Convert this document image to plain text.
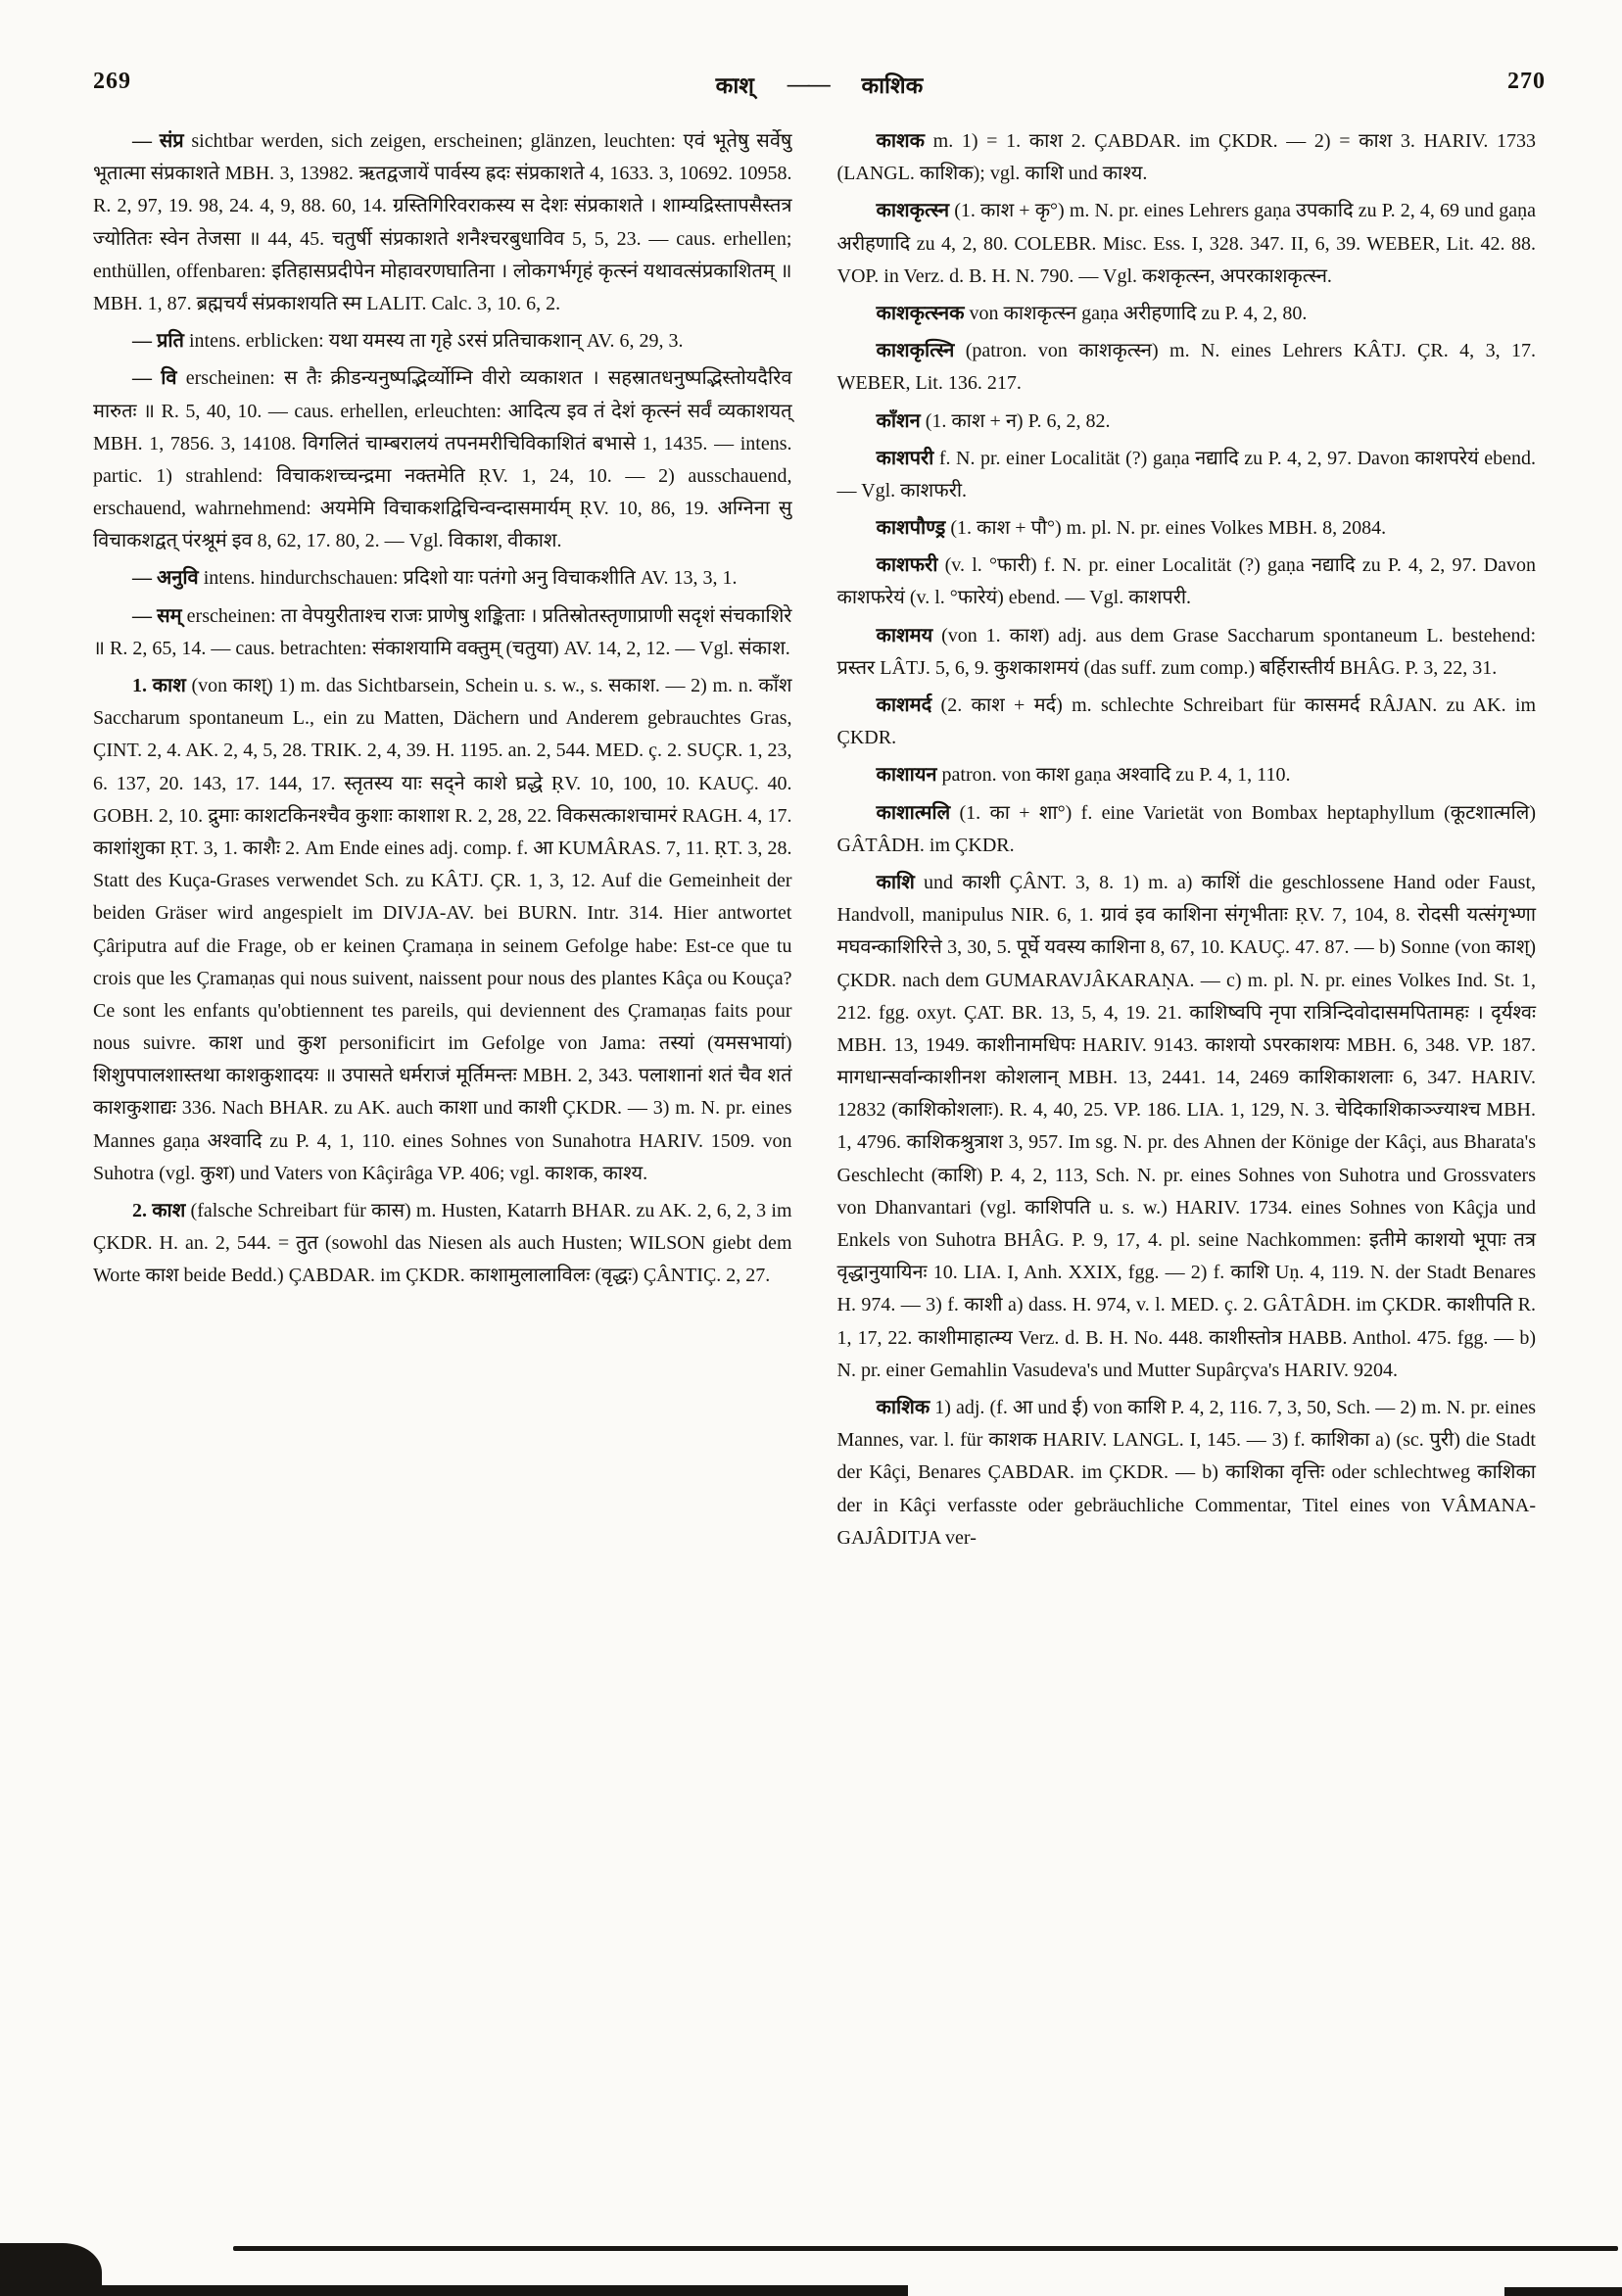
269	काश् —— काशिक	270

— संप्र sichtbar werden, sich zeigen, erscheinen; glänzen, leuchten: एवं भूतेषु सर्वेषु भूतात्मा संप्रकाशते MBH. 3, 13982. ऋतद्वजायें पार्वस्य ह्रदः संप्रकाशते 4, 1633. 3, 10692. 10958. R. 2, 97, 19. 98, 24. 4, 9, 88. 60, 14. ग्रस्तिगिरिवराकस्य स देशः संप्रकाशते । शाम्यद्रिस्तापसैस्तत्र ज्योतितः स्वेन तेजसा ॥ 44, 45. चतुर्षी संप्रकाशते शनैश्चरबुधाविव 5, 5, 23. — caus. erhellen; enthüllen, offenbaren: इतिहासप्रदीपेन मोहावरणघातिना । लोकगर्भगृहं कृत्स्नं यथावत्संप्रकाशितम् ॥ MBH. 1, 87. ब्रह्मचर्यं संप्रकाशयति स्म LALIT. Calc. 3, 10. 6, 2.

— प्रति intens. erblicken: यथा यमस्य ता गृहे ऽरसं प्रतिचाकशान् AV. 6, 29, 3.

— वि erscheinen: स तैः क्रीडन्यनुष्पद्भिर्व्योम्नि वीरो व्यकाशत । सहस्रातधनुष्पद्भिस्तोयदैरिव मारुतः ॥ R. 5, 40, 10. — caus. erhellen, erleuchten: आदित्य इव तं देशं कृत्स्नं सर्वं व्यकाशयत् MBH. 1, 7856. 3, 14108. विगलितं चाम्बरालयं तपनमरीचिविकाशितं बभासे 1, 1435. — intens. partic. 1) strahlend: विचाकशच्चन्द्रमा नक्तमेति ṚV. 1, 24, 10. — 2) ausschauend, erschauend, wahrnehmend: अयमेमि विचाकशद्विचिन्वन्दासमार्यम् ṚV. 10, 86, 19. अग्निना सु विचाकशद्वत् पंरश्रूमं इव 8, 62, 17. 80, 2. — Vgl. विकाश, वीकाश.

— अनुवि intens. hindurchschauen: प्रदिशो याः पतंगो अनु विचाकशीति AV. 13, 3, 1.

— सम् erscheinen: ता वेपयुरीताश्च राजः प्राणेषु शङ्किताः । प्रतिस्रोतस्तृणाप्राणी सदृशं संचकाशिरे ॥ R. 2, 65, 14. — caus. betrachten: संकाशयामि वक्तुम् (चतुया) AV. 14, 2, 12. — Vgl. संकाश.

1. काश (von काश्) 1) m. das Sichtbarsein, Schein u. s. w., s. सकाश. — 2) m. n. काँश Saccharum spontaneum L., ein zu Matten, Dächern und Anderem gebrauchtes Gras, ÇINT. 2, 4. AK. 2, 4, 5, 28. TRIK. 2, 4, 39. H. 1195. an. 2, 544. MED. ç. 2. SUÇR. 1, 23, 6. 137, 20. 143, 17. 144, 17. स्तृतस्य याः सद्ने काशे घ्रद्धे ṚV. 10, 100, 10. KAUÇ. 40. GOBH. 2, 10. द्रुमाः काशटकिनश्चैव कुशाः काशाश R. 2, 28, 22. विकसत्काशचामरं RAGH. 4, 17. काशांशुका ṚT. 3, 1. काशैः 2. Am Ende eines adj. comp. f. आ KUMÂRAS. 7, 11. ṚT. 3, 28. Statt des Kuça-Grases verwendet Sch. zu KÂTJ. ÇR. 1, 3, 12. Auf die Gemeinheit der beiden Gräser wird angespielt im DIVJA-AV. bei BURN. Intr. 314. Hier antwortet Çâriputra auf die Frage, ob er keinen Çramaṇa in seinem Gefolge habe: Est-ce que tu crois que les Çramaṇas qui nous suivent, naissent pour nous des plantes Kâça ou Kouça? Ce sont les enfants qu'obtiennent tes pareils, qui deviennent des Çramaṇas faits pour nous suivre. काश und कुश personificirt im Gefolge von Jama: तस्यां (यमसभायां) शिशुपपालशास्तथा काशकुशादयः ॥ उपासते धर्मराजं मूर्तिमन्तः MBH. 2, 343. पलाशानां शतं चैव शतं काशकुशाद्यः 336. Nach BHAR. zu AK. auch काशा und काशी ÇKDR. — 3) m. N. pr. eines Mannes gaṇa अश्वादि zu P. 4, 1, 110. eines Sohnes von Sunahotra HARIV. 1509. von Suhotra (vgl. कुश) und Vaters von Kâçirâga VP. 406; vgl. काशक, काश्य.

2. काश (falsche Schreibart für कास) m. Husten, Katarrh BHAR. zu AK. 2, 6, 2, 3 im ÇKDR. H. an. 2, 544. = तुत (sowohl das Niesen als auch Husten; WILSON giebt dem Worte काश beide Bedd.) ÇABDAR. im ÇKDR. काशामुलालाविलः (वृद्धः) ÇÂNTIÇ. 2, 27.

काशक m. 1) = 1. काश 2. ÇABDAR. im ÇKDR. — 2) = काश 3. HARIV. 1733 (LANGL. काशिक); vgl. काशि und काश्य.

काशकृत्स्न (1. काश + कृ°) m. N. pr. eines Lehrers gaṇa उपकादि zu P. 2, 4, 69 und gaṇa अरीहणादि zu 4, 2, 80. COLEBR. Misc. Ess. I, 328. 347. II, 6, 39. WEBER, Lit. 42. 88. VOP. in Verz. d. B. H. N. 790. — Vgl. कशकृत्स्न, अपरकाशकृत्स्न.

काशकृत्स्नक von काशकृत्स्न gaṇa अरीहणादि zu P. 4, 2, 80.

काशकृत्स्नि (patron. von काशकृत्स्न) m. N. eines Lehrers KÂTJ. ÇR. 4, 3, 17. WEBER, Lit. 136. 217.

काँशन (1. काश + न) P. 6, 2, 82.

काशपरी f. N. pr. einer Localität (?) gaṇa नद्यादि zu P. 4, 2, 97. Davon काशपरेयं ebend. — Vgl. काशफरी.

काशपौण्ड्र (1. काश + पौ°) m. pl. N. pr. eines Volkes MBH. 8, 2084.

काशफरी (v. l. °फारी) f. N. pr. einer Localität (?) gaṇa नद्यादि zu P. 4, 2, 97. Davon काशफरेयं (v. l. °फारेयं) ebend. — Vgl. काशपरी.

काशमय (von 1. काश) adj. aus dem Grase Saccharum spontaneum L. bestehend: प्रस्तर LÂTJ. 5, 6, 9. कुशकाशमयं (das suff. zum comp.) बर्हिरास्तीर्य BHÂG. P. 3, 22, 31.

काशमर्द (2. काश + मर्द) m. schlechte Schreibart für कासमर्द RÂJAN. zu AK. im ÇKDR.

काशायन patron. von काश gaṇa अश्वादि zu P. 4, 1, 110.

काशात्मलि (1. का + शा°) f. eine Varietät von Bombax heptaphyllum (कूटशात्मलि) GÂTÂDH. im ÇKDR.

काशि und काशी ÇÂNT. 3, 8. 1) m. a) काशिं die geschlossene Hand oder Faust, Handvoll, manipulus NIR. 6, 1. ग्रावं इव काशिना संगृभीताः ṚV. 7, 104, 8. रोदसी यत्संगृभ्णा मघवन्काशिरित्ते 3, 30, 5. पूर्घे यवस्य काशिना 8, 67, 10. KAUÇ. 47. 87. — b) Sonne (von काश्) ÇKDR. nach dem GUMARAVJÂKARAṆA. — c) m. pl. N. pr. eines Volkes Ind. St. 1, 212. fgg. oxyt. ÇAT. BR. 13, 5, 4, 19. 21. काशिष्वपि नृपा रात्रिन्दिवोदासमपितामहः । दृर्यश्वः MBH. 13, 1949. काशीनामधिपः HARIV. 9143. काशयो ऽपरकाशयः MBH. 6, 348. VP. 187. मागधान्सर्वान्काशीनश कोशलान् MBH. 13, 2441. 14, 2469 काशिकाशलाः 6, 347. HARIV. 12832 (काशिकोशलाः). R. 4, 40, 25. VP. 186. LIA. 1, 129, N. 3. चेदिकाशिकाञ्ज्याश्च MBH. 1, 4796. काशिकश्रुत्राश 3, 957. Im sg. N. pr. des Ahnen der Könige der Kâçi, aus Bharata's Geschlecht (काशि) P. 4, 2, 113, Sch. N. pr. eines Sohnes von Suhotra und Grossvaters von Dhanvantari (vgl. काशिपति u. s. w.) HARIV. 1734. eines Sohnes von Kâçja und Enkels von Suhotra BHÂG. P. 9, 17, 4. pl. seine Nachkommen: इतीमे काशयो भूपाः तत्र वृद्धानुयायिनः 10. LIA. I, Anh. XXIX, fgg. — 2) f. काशि Uṇ. 4, 119. N. der Stadt Benares H. 974. — 3) f. काशी a) dass. H. 974, v. l. MED. ç. 2. GÂTÂDH. im ÇKDR. काशीपति R. 1, 17, 22. काशीमाहात्म्य Verz. d. B. H. No. 448. काशीस्तोत्र HABB. Anthol. 475. fgg. — b) N. pr. einer Gemahlin Vasudeva's und Mutter Supârçva's HARIV. 9204.

काशिक 1) adj. (f. आ und ई) von काशि P. 4, 2, 116. 7, 3, 50, Sch. — 2) m. N. pr. eines Mannes, var. l. für काशक HARIV. LANGL. I, 145. — 3) f. काशिका a) (sc. पुरी) die Stadt der Kâçi, Benares ÇABDAR. im ÇKDR. — b) काशिका वृत्तिः oder schlechtweg काशिका der in Kâçi verfasste oder gebräuchliche Commentar, Titel eines von VÂMANA-GAJÂDITJA ver-
